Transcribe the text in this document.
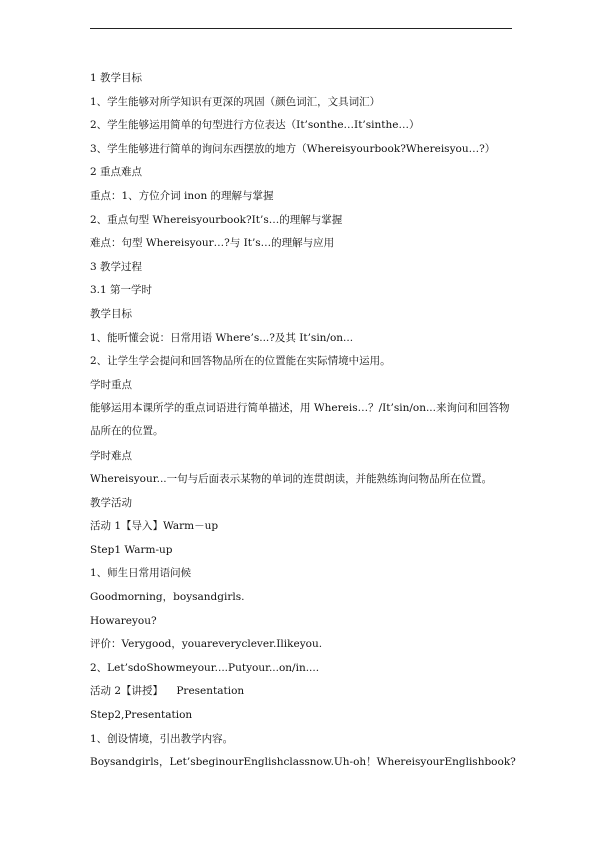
1 教学目标

1、学生能够对所学知识有更深的巩固（颜色词汇，文具词汇）

2、学生能够运用简单的句型进行方位表达（It’sonthe…It’sinthe…）

3、学生能够进行简单的询问东西摆放的地方（Whereisyourbook?Whereisyou…?）

2 重点难点

重点：1、方位介词 inon 的理解与掌握

2、重点句型 Whereisyourbook?It’s…的理解与掌握

难点：句型 Whereisyour…?与 It’s…的理解与应用

3 教学过程

3.1 第一学时

教学目标

1、能听懂会说：日常用语 Where’s...?及其 It’sin/on...

2、让学生学会提问和回答物品所在的位置能在实际情境中运用。

学时重点

能够运用本课所学的重点词语进行简单描述，用 Whereis…？/It’sin/on...来询问和回答物品所在的位置。

学时难点

Whereisyour...一句与后面表示某物的单词的连贯朗读，并能熟练询问物品所在位置。

教学活动

活动 1【导入】Warm－up

Step1 Warm-up

1、师生日常用语问候

Goodmorning，boysandgirls.

Howareyou?

评价：Verygood，youareveryclever.Ilikeyou.

2、Let’sdoShowmeyour....Putyour...on/in....

活动 2【讲授】    Presentation

Step2,Presentation

1、创设情境，引出教学内容。

Boysandgirls，Let’sbeginourEnglishclassnow.Uh-oh！WhereisyourEnglishbook?
